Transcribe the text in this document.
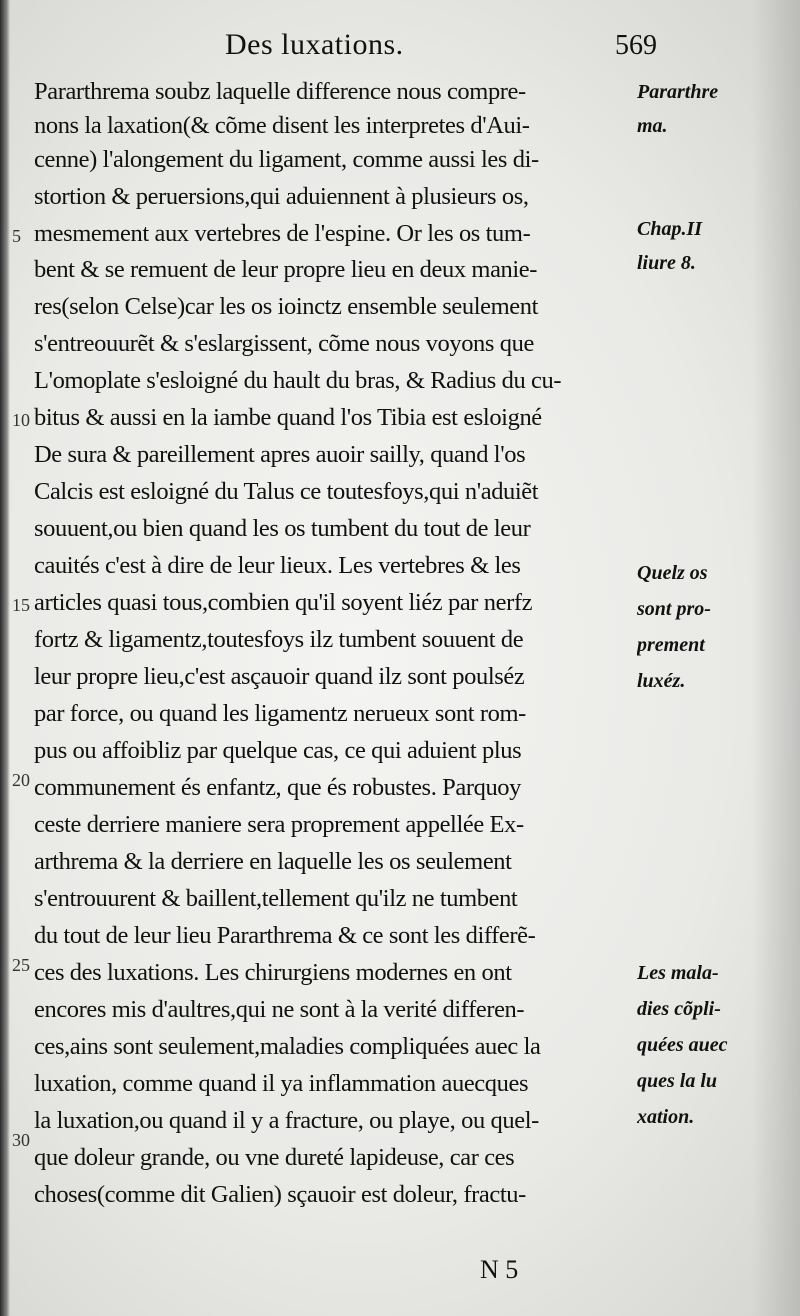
Des luxations.	569
Pararthrema soubz laquelle difference nous compre-
nons la laxation(& cõme disent les interpretes d'Aui-
cenne) l'alongement du ligament, comme aussi les di-
stortion & peruersions,qui aduiennent à plusieurs os,
mesmement aux vertebres de l'espine. Or les os tum-
bent & se remuent de leur propre lieu en deux manie-
res(selon Celse)car les os ioinctz ensemble seulement
s'entreouurẽt & s'eslargissent, cõme nous voyons que
L'omoplate s'esloigné du hault du bras, & Radius du cu-
bitus & aussi en la iambe quand l'os Tibia est esloigné
De sura & pareillement apres auoir sailly, quand l'os
Calcis est esloigné du Talus ce toutesfoys,qui n'aduiẽt
souuent,ou bien quand les os tumbent du tout de leur
cauités c'est à dire de leur lieux. Les vertebres & les
articles quasi tous,combien qu'il soyent liéz par nerfz
fortz & ligamentz,toutesfoys ilz tumbent souuent de
leur propre lieu,c'est asçauoir quand ilz sont poulséz
par force, ou quand les ligamentz nerueux sont rom-
pus ou affoibliz par quelque cas, ce qui aduient plus
communement és enfantz, que és robustes. Parquoy
ceste derriere maniere sera proprement appellée Ex-
arthrema & la derriere en laquelle les os seulement
s'entrouurent & baillent,tellement qu'ilz ne tumbent
du tout de leur lieu Pararthrema & ce sont les differẽ-
ces des luxations. Les chirurgiens modernes en ont
encores mis d'aultres,qui ne sont à la verité differen-
ces,ains sont seulement,maladies compliquées auec la
luxation, comme quand il ya inflammation auecques
la luxation,ou quand il y a fracture, ou playe, ou quel-
que doleur grande, ou vne dureté lapideuse, car ces
choses(comme dit Galien) sçauoir est doleur, fractu-
5
10
15
20
25
30
Pararthre
ma.
Chap.II
liure 8.
Quelz os
sont pro-
prement
luxéz.
Les mala-
dies cõpli-
quées auec
ques la lu
xation.
N 5
